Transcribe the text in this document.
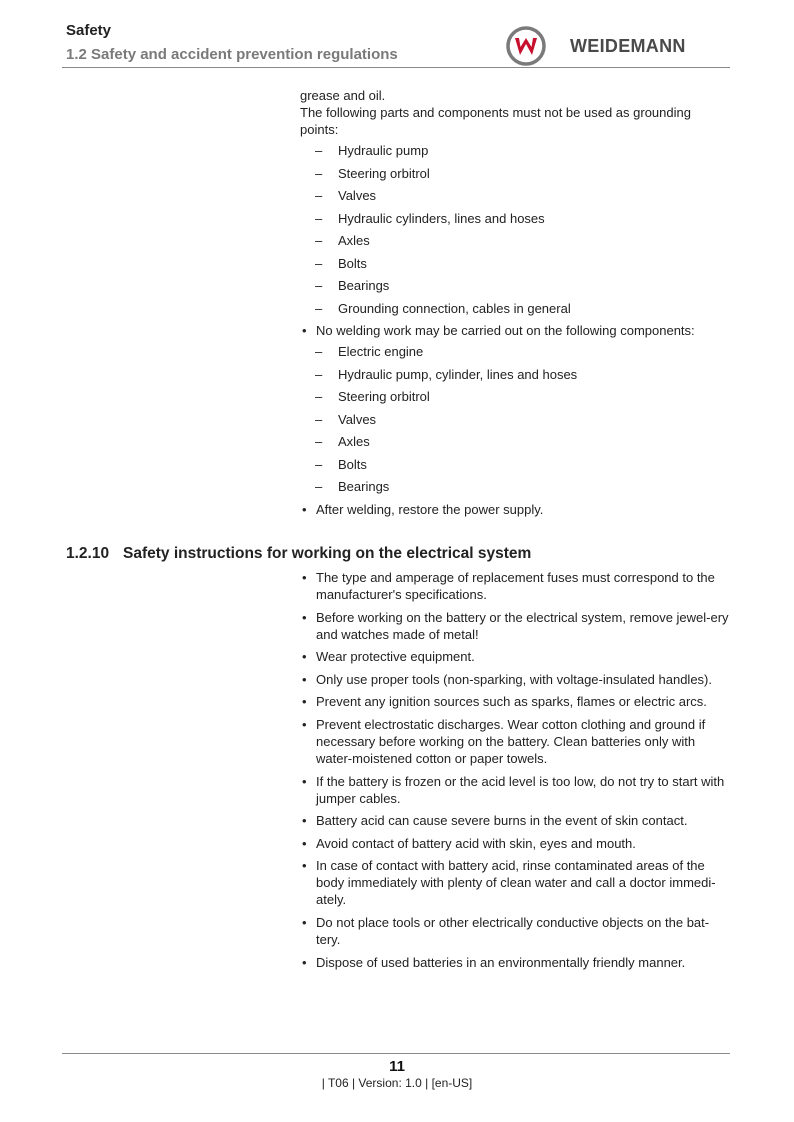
Safety
1.2 Safety and accident prevention regulations	WEIDEMANN

grease and oil.

The following parts and components must not be used as grounding points:

– Hydraulic pump
– Steering orbitrol
– Valves
– Hydraulic cylinders, lines and hoses
– Axles
– Bolts
– Bearings
– Grounding connection, cables in general
• No welding work may be carried out on the following components:
– Electric engine
– Hydraulic pump, cylinder, lines and hoses
– Steering orbitrol
– Valves
– Axles
– Bolts
– Bearings
• After welding, restore the power supply.
1.2.10 Safety instructions for working on the electrical system
• The type and amperage of replacement fuses must correspond to the manufacturer's specifications.
• Before working on the battery or the electrical system, remove jewel-ery and watches made of metal!
• Wear protective equipment.
• Only use proper tools (non-sparking, with voltage-insulated handles).
• Prevent any ignition sources such as sparks, flames or electric arcs.
• Prevent electrostatic discharges. Wear cotton clothing and ground if necessary before working on the battery. Clean batteries only with water-moistened cotton or paper towels.
• If the battery is frozen or the acid level is too low, do not try to start with jumper cables.
• Battery acid can cause severe burns in the event of skin contact.
• Avoid contact of battery acid with skin, eyes and mouth.
• In case of contact with battery acid, rinse contaminated areas of the body immediately with plenty of clean water and call a doctor immedi-ately.
• Do not place tools or other electrically conductive objects on the bat-tery.
• Dispose of used batteries in an environmentally friendly manner.
11
| T06 | Version: 1.0 | [en-US]
